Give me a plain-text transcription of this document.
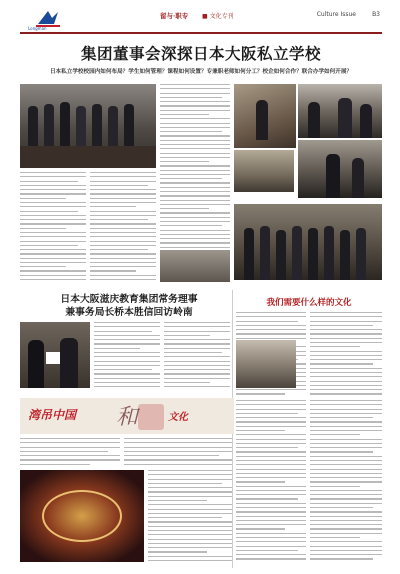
Longman
留与·职专 ■ 文化专刊	Culture Issue	B3
集团董事会深探日本大阪私立学校
日本私立学校校园内如何布局？学生如何管理？课程如何设置？专兼职老师如何分工？校企如何合作？联合办学如何开展？
日本大阪滋庆教育集团常务理事
兼事务局长桥本胜信回访岭南
我们需要什么样的文化
湾吊中国 和	文化
